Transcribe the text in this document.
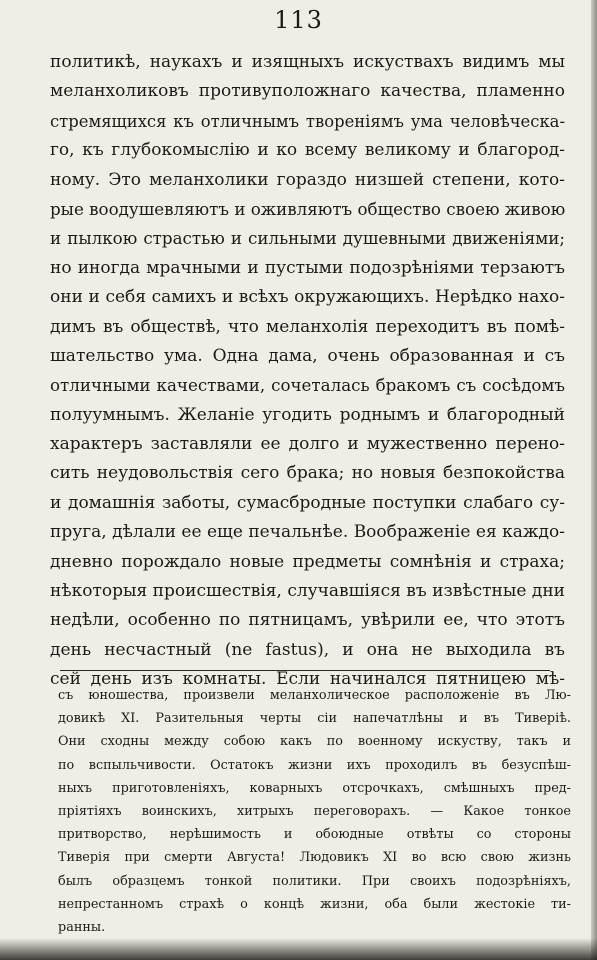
113
политикѣ, наукахъ и изящныхъ искуствахъ видимъ мы
меланхоликовъ противуположнаго качества, пламенно
стремящихся къ отличнымъ твореніямъ ума человѣческа-
го, къ глубокомыслію и ко всему великому и благород-
ному. Это меланхолики гораздо низшей степени, кото-
рые воодушевляютъ и оживляютъ общество своею живою
и пылкою страстью и сильными душевными движеніями;
но иногда мрачными и пустыми подозрѣніями терзаютъ
они и себя самихъ и всѣхъ окружающихъ. Нерѣдко нахо-
димъ въ обществѣ, что меланхолія переходитъ въ помѣ-
шательство ума. Одна дама, очень образованная и съ
отличными качествами, сочеталась бракомъ съ сосѣдомъ
полуумнымъ. Желаніе угодить роднымъ и благородный
характеръ заставляли ее долго и мужественно перено-
сить неудовольствія сего брака; но новыя безпокойства
и домашнія заботы, сумасбродные поступки слабаго су-
пруга, дѣлали ее еще печальнѣе. Воображеніе ея каждо-
дневно порождало новые предметы сомнѣнія и страха;
нѣкоторыя происшествія, случавшіяся въ извѣстные дни
недѣли, особенно по пятницамъ, увѣрили ее, что этотъ
день несчастный (ne fastus), и она не выходила въ
сей день изъ комнаты. Если начинался пятницею мѣ-
съ юношества, произвели меланхолическое расположеніе въ Лю-
довикѣ XI. Разительныя черты сіи напечатлѣны и въ Тиверіѣ.
Они сходны между собою какъ по военному искуству, такъ и
по вспыльчивости. Остатокъ жизни ихъ проходилъ въ безуспѣш-
ныхъ приготовленіяхъ, коварныхъ отсрочкахъ, смѣшныхъ пред-
пріятіяхъ воинскихъ, хитрыхъ переговорахъ. — Какое тонкое
притворство, нерѣшимость и обоюдные отвѣты со стороны
Тиверія при смерти Августа! Людовикъ XI во всю свою жизнь
былъ образцемъ тонкой политики. При своихъ подозрѣніяхъ,
непрестанномъ страхѣ о концѣ жизни, оба были жестокіе ти-
ранны.
